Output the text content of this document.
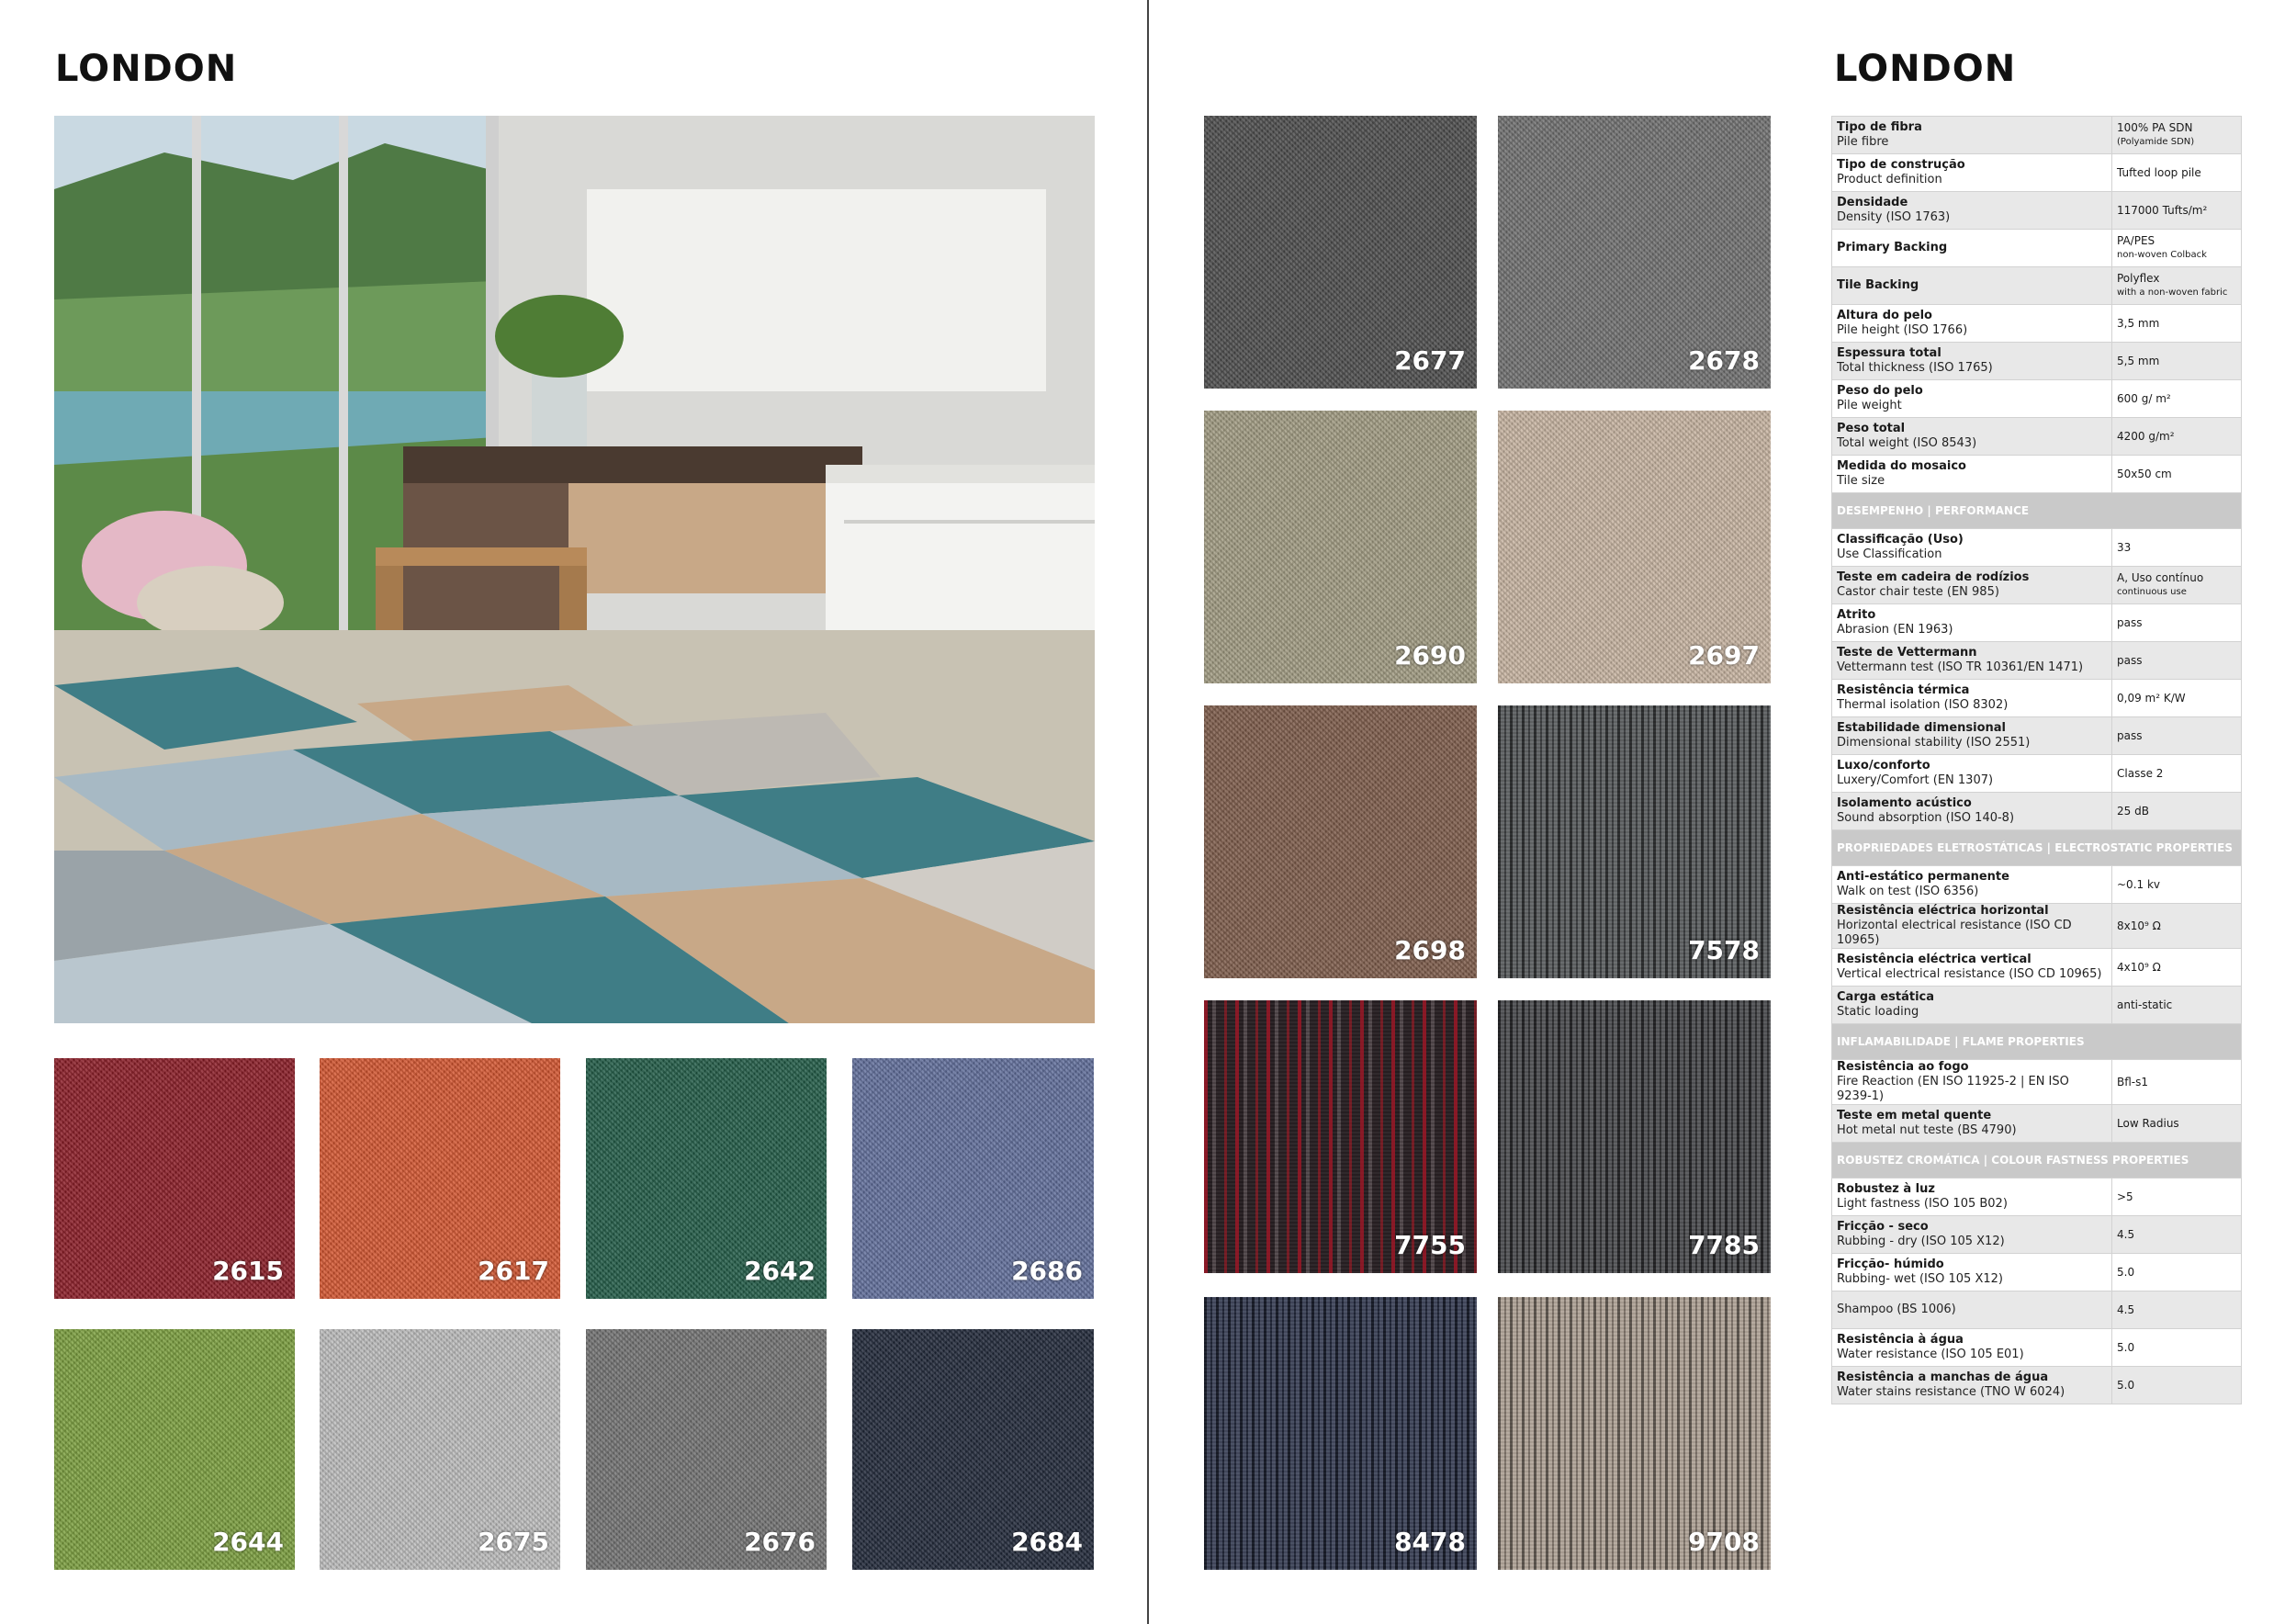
LONDON	LONDON
2615	2617	2642	2686
2644	2675	2676	2684
2677	2678
2690	2697
2698	7578
7755	7785
8478	9708
Tipo de fibra
Pile fibre	100% PA SDN
(Polyamide SDN)

Tipo de construção
Product definition	Tufted loop pile

Densidade
Density (ISO 1763)	117000 Tufts/m²

Primary Backing	PA/PES
non-woven Colback

Tile Backing	Polyflex
with a non-woven fabric

Altura do pelo
Pile height (ISO 1766)	3,5 mm

Espessura total
Total thickness (ISO 1765)	5,5 mm

Peso do pelo
Pile weight	600 g/ m²

Peso total
Total weight (ISO 8543)	4200 g/m²

Medida do mosaico
Tile size	50x50 cm

DESEMPENHO | PERFORMANCE	

Classificação (Uso)
Use Classification	33

Teste em cadeira de rodízios
Castor chair teste (EN 985)	A, Uso contínuo
continuous use

Atrito
Abrasion (EN 1963)	pass

Teste de Vettermann
Vettermann test (ISO TR 10361/EN 1471)	pass

Resistência térmica
Thermal isolation (ISO 8302)	0,09 m² K/W

Estabilidade dimensional
Dimensional stability (ISO 2551)	pass

Luxo/conforto
Luxery/Comfort (EN 1307)	Classe 2

Isolamento acústico
Sound absorption (ISO 140-8)	25 dB

PROPRIEDADES ELETROSTÁTICAS | ELECTROSTATIC PROPERTIES	

Anti-estático permanente
Walk on test (ISO 6356)	~0.1 kv

Resistência eléctrica horizontal
Horizontal electrical resistance (ISO CD 10965)	8x10⁹ Ω

Resistência eléctrica vertical
Vertical electrical resistance (ISO CD 10965)	4x10⁹ Ω

Carga estática
Static loading	anti-static

INFLAMABILIDADE | FLAME PROPERTIES	

Resistência ao fogo
Fire Reaction (EN ISO 11925-2 | EN ISO 9239-1)	Bfl-s1

Teste em metal quente
Hot metal nut teste (BS 4790)	Low Radius

ROBUSTEZ CROMÁTICA | COLOUR FASTNESS PROPERTIES	

Robustez à luz
Light fastness (ISO 105 B02)	>5

Fricção - seco
Rubbing - dry (ISO 105 X12)	4.5

Fricção- húmido
Rubbing- wet (ISO 105 X12)	5.0

Shampoo (BS 1006)	4.5

Resistência à água
Water resistance (ISO 105 E01)	5.0

Resistência a manchas de água
Water stains resistance (TNO W 6024)	5.0
